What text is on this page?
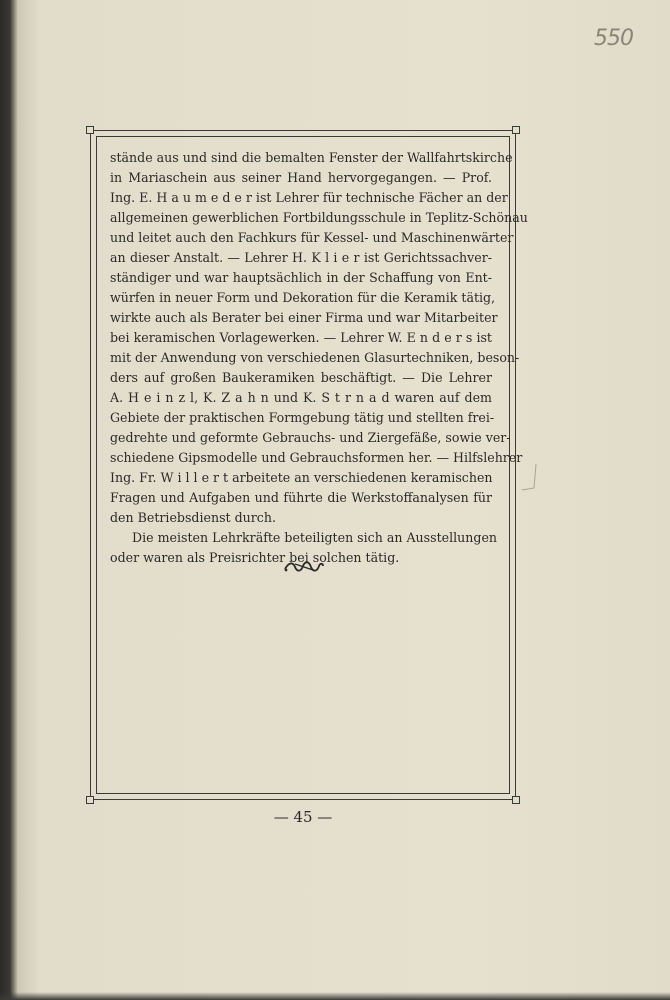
550

stände aus und sind die bemalten Fenster der Wallfahrtskirche
in Mariaschein aus seiner Hand hervorgegangen. — Prof.
Ing. E. H a u m e d e r ist Lehrer für technische Fächer an der
allgemeinen gewerblichen Fortbildungsschule in Teplitz-Schönau
und leitet auch den Fachkurs für Kessel- und Maschinenwärter
an dieser Anstalt. — Lehrer H. K l i e r ist Gerichtssachver-
ständiger und war hauptsächlich in der Schaffung von Ent-
würfen in neuer Form und Dekoration für die Keramik tätig,
wirkte auch als Berater bei einer Firma und war Mitarbeiter
bei keramischen Vorlagewerken. — Lehrer W. E n d e r s ist
mit der Anwendung von verschiedenen Glasurtechniken, beson-
ders auf großen Baukeramiken beschäftigt. — Die Lehrer
A. H e i n z l, K. Z a h n und K. S t r n a d waren auf dem
Gebiete der praktischen Formgebung tätig und stellten frei-
gedrehte und geformte Gebrauchs- und Ziergefäße, sowie ver-
schiedene Gipsmodelle und Gebrauchsformen her. — Hilfslehrer
Ing. Fr. W i l l e r t arbeitete an verschiedenen keramischen
Fragen und Aufgaben und führte die Werkstoffanalysen für
den Betriebsdienst durch.

Die meisten Lehrkräfte beteiligten sich an Ausstellungen
oder waren als Preisrichter bei solchen tätig.

— 45 —
